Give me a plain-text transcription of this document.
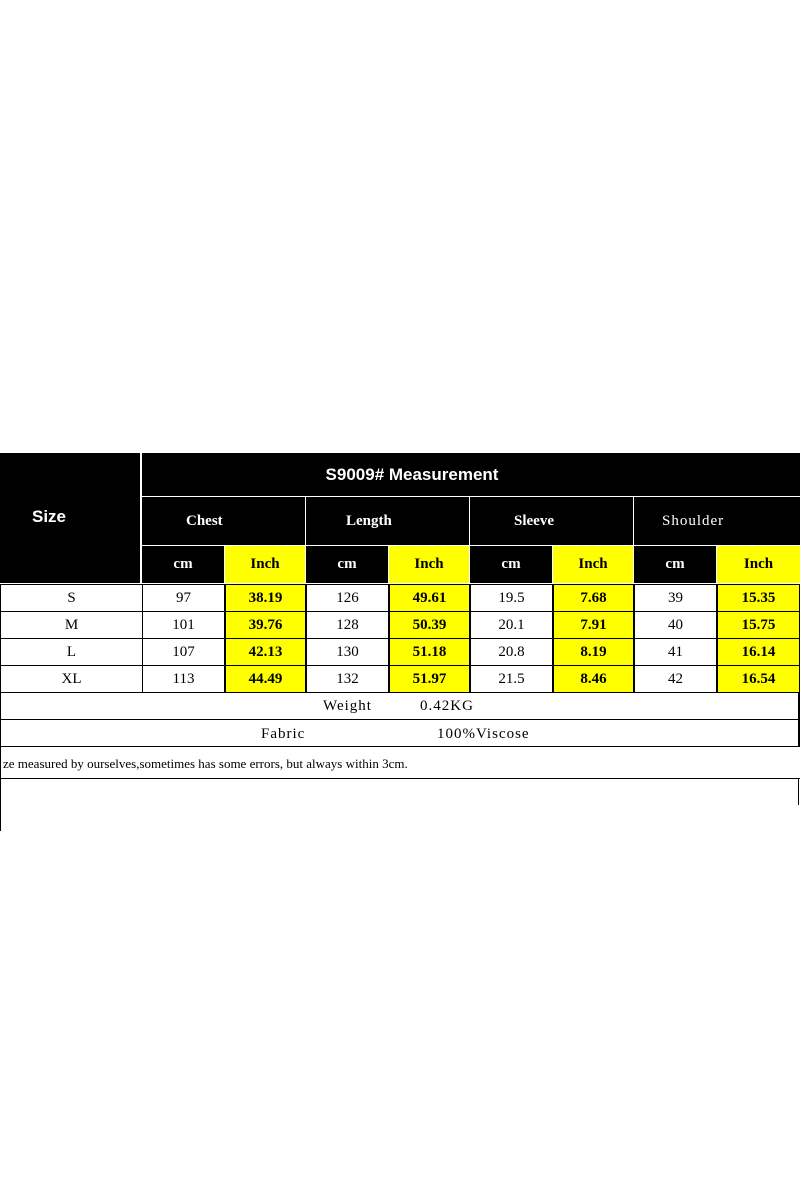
Size
S9009# Measurement
Chest	Length	Sleeve	Shoulder
cm	Inch	cm	Inch	cm	Inch	cm	Inch
S	97	38.19	126	49.61	19.5	7.68	39	15.35
M	101	39.76	128	50.39	20.1	7.91	40	15.75
L	107	42.13	130	51.18	20.8	8.19	41	16.14
XL	113	44.49	132	51.97	21.5	8.46	42	16.54
Weight	0.42KG
Fabric	100%Viscose
ze measured by ourselves,sometimes has some errors, but always within 3cm.
